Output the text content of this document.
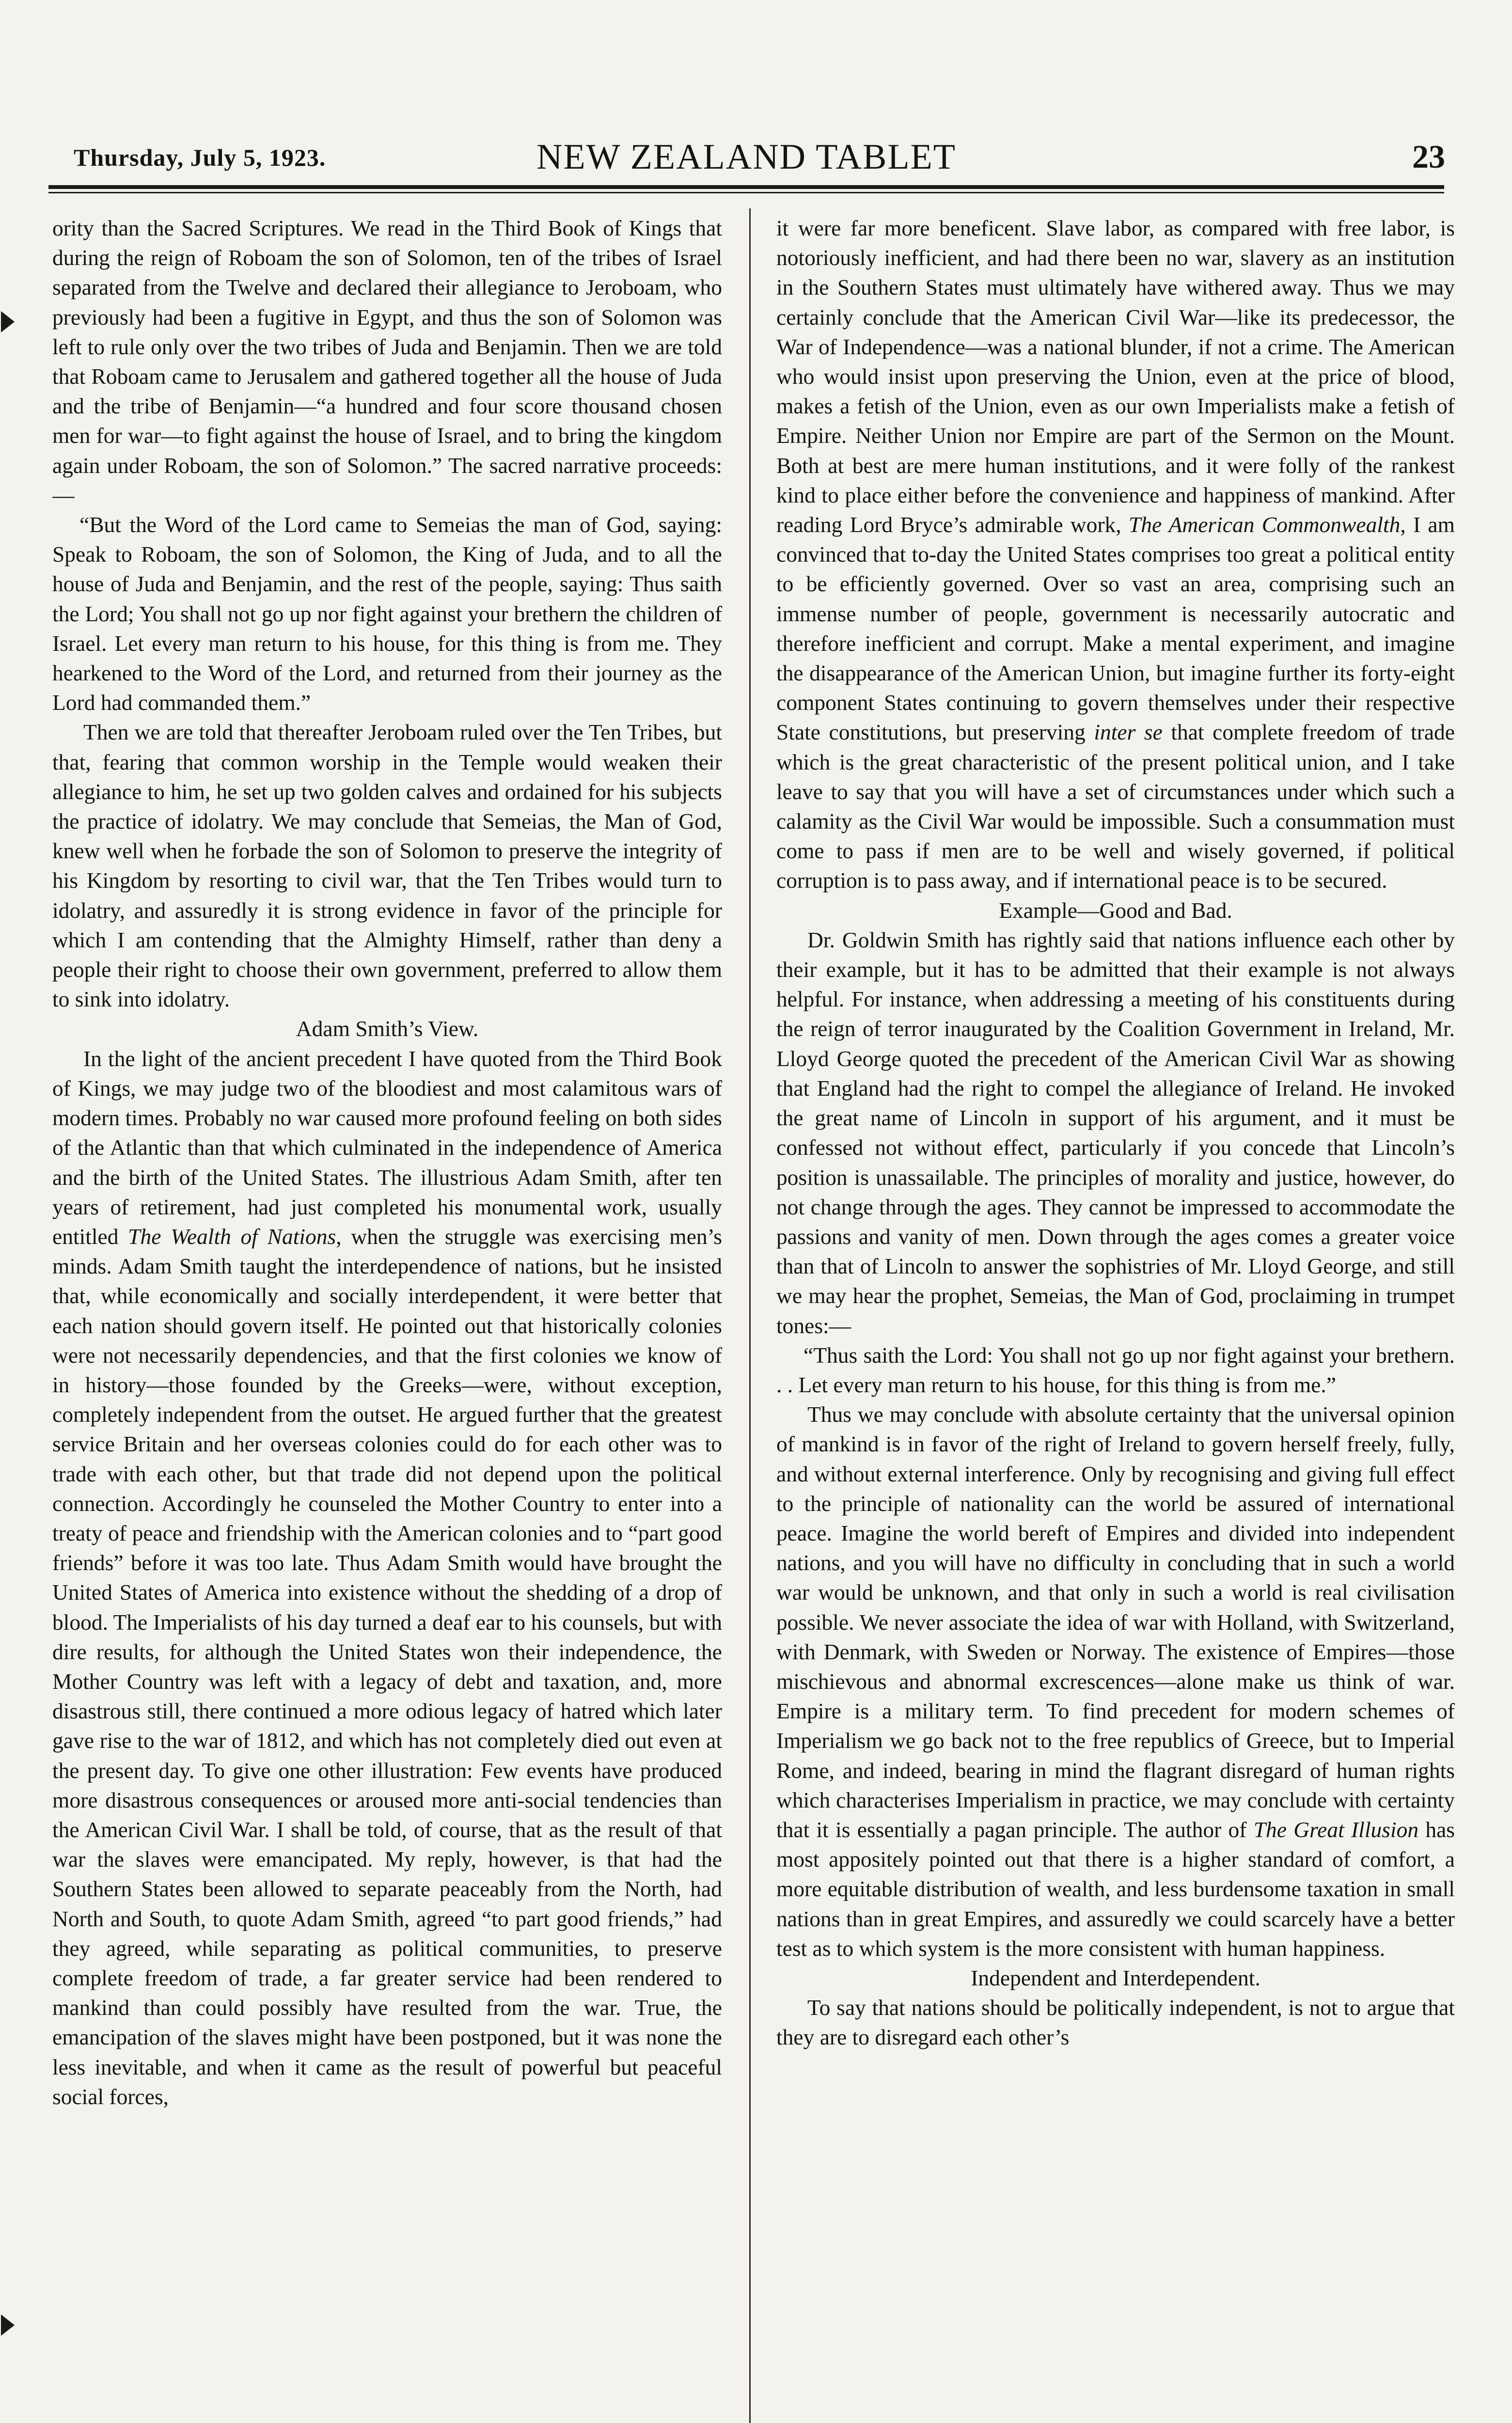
Thursday, July 5, 1923.	NEW ZEALAND TABLET	23

ority than the Sacred Scriptures. We read in the Third Book of Kings that during the reign of Roboam the son of Solomon, ten of the tribes of Israel separated from the Twelve and declared their allegiance to Jeroboam, who previously had been a fugitive in Egypt, and thus the son of Solomon was left to rule only over the two tribes of Juda and Benjamin. Then we are told that Roboam came to Jerusalem and gathered together all the house of Juda and the tribe of Benjamin—“a hundred and four score thousand chosen men for war—to fight against the house of Israel, and to bring the kingdom again under Roboam, the son of Solomon.” The sacred narrative proceeds:—

“But the Word of the Lord came to Semeias the man of God, saying: Speak to Roboam, the son of Solomon, the King of Juda, and to all the house of Juda and Benjamin, and the rest of the people, saying: Thus saith the Lord; You shall not go up nor fight against your brethern the children of Israel. Let every man return to his house, for this thing is from me. They hearkened to the Word of the Lord, and returned from their journey as the Lord had commanded them.”

Then we are told that thereafter Jeroboam ruled over the Ten Tribes, but that, fearing that common worship in the Temple would weaken their allegiance to him, he set up two golden calves and ordained for his subjects the practice of idolatry. We may conclude that Semeias, the Man of God, knew well when he forbade the son of Solomon to preserve the integrity of his Kingdom by resorting to civil war, that the Ten Tribes would turn to idolatry, and assuredly it is strong evidence in favor of the principle for which I am contending that the Almighty Himself, rather than deny a people their right to choose their own government, preferred to allow them to sink into idolatry.

Adam Smith’s View.

In the light of the ancient precedent I have quoted from the Third Book of Kings, we may judge two of the bloodiest and most calamitous wars of modern times. Probably no war caused more profound feeling on both sides of the Atlantic than that which culminated in the independence of America and the birth of the United States. The illustrious Adam Smith, after ten years of retirement, had just completed his monumental work, usually entitled The Wealth of Nations, when the struggle was exercising men’s minds. Adam Smith taught the interdependence of nations, but he insisted that, while economically and socially interdependent, it were better that each nation should govern itself. He pointed out that historically colonies were not necessarily dependencies, and that the first colonies we know of in history—those founded by the Greeks—were, without exception, completely independent from the outset. He argued further that the greatest service Britain and her overseas colonies could do for each other was to trade with each other, but that trade did not depend upon the political connection. Accordingly he counseled the Mother Country to enter into a treaty of peace and friendship with the American colonies and to “part good friends” before it was too late. Thus Adam Smith would have brought the United States of America into existence without the shedding of a drop of blood. The Imperialists of his day turned a deaf ear to his counsels, but with dire results, for although the United States won their independence, the Mother Country was left with a legacy of debt and taxation, and, more disastrous still, there continued a more odious legacy of hatred which later gave rise to the war of 1812, and which has not completely died out even at the present day. To give one other illustration: Few events have produced more disastrous consequences or aroused more anti-social tendencies than the American Civil War. I shall be told, of course, that as the result of that war the slaves were emancipated. My reply, however, is that had the Southern States been allowed to separate peaceably from the North, had North and South, to quote Adam Smith, agreed “to part good friends,” had they agreed, while separating as political communities, to preserve complete freedom of trade, a far greater service had been rendered to mankind than could possibly have resulted from the war. True, the emancipation of the slaves might have been postponed, but it was none the less inevitable, and when it came as the result of powerful but peaceful social forces,

it were far more beneficent. Slave labor, as compared with free labor, is notoriously inefficient, and had there been no war, slavery as an institution in the Southern States must ultimately have withered away. Thus we may certainly conclude that the American Civil War—like its predecessor, the War of Independence—was a national blunder, if not a crime. The American who would insist upon preserving the Union, even at the price of blood, makes a fetish of the Union, even as our own Imperialists make a fetish of Empire. Neither Union nor Empire are part of the Sermon on the Mount. Both at best are mere human institutions, and it were folly of the rankest kind to place either before the convenience and happiness of mankind. After reading Lord Bryce’s admirable work, The American Commonwealth, I am convinced that to-day the United States comprises too great a political entity to be efficiently governed. Over so vast an area, comprising such an immense number of people, government is necessarily autocratic and therefore inefficient and corrupt. Make a mental experiment, and imagine the disappearance of the American Union, but imagine further its forty-eight component States continuing to govern themselves under their respective State constitutions, but preserving inter se that complete freedom of trade which is the great characteristic of the present political union, and I take leave to say that you will have a set of circumstances under which such a calamity as the Civil War would be impossible. Such a consummation must come to pass if men are to be well and wisely governed, if political corruption is to pass away, and if international peace is to be secured.

Example—Good and Bad.

Dr. Goldwin Smith has rightly said that nations influence each other by their example, but it has to be admitted that their example is not always helpful. For instance, when addressing a meeting of his constituents during the reign of terror inaugurated by the Coalition Government in Ireland, Mr. Lloyd George quoted the precedent of the American Civil War as showing that England had the right to compel the allegiance of Ireland. He invoked the great name of Lincoln in support of his argument, and it must be confessed not without effect, particularly if you concede that Lincoln’s position is unassailable. The principles of morality and justice, however, do not change through the ages. They cannot be impressed to accommodate the passions and vanity of men. Down through the ages comes a greater voice than that of Lincoln to answer the sophistries of Mr. Lloyd George, and still we may hear the prophet, Semeias, the Man of God, proclaiming in trumpet tones:—

“Thus saith the Lord: You shall not go up nor fight against your brethern. . . Let every man return to his house, for this thing is from me.”

Thus we may conclude with absolute certainty that the universal opinion of mankind is in favor of the right of Ireland to govern herself freely, fully, and without external interference. Only by recognising and giving full effect to the principle of nationality can the world be assured of international peace. Imagine the world bereft of Empires and divided into independent nations, and you will have no difficulty in concluding that in such a world war would be unknown, and that only in such a world is real civilisation possible. We never associate the idea of war with Holland, with Switzerland, with Denmark, with Sweden or Norway. The existence of Empires—those mischievous and abnormal excrescences—alone make us think of war. Empire is a military term. To find precedent for modern schemes of Imperialism we go back not to the free republics of Greece, but to Imperial Rome, and indeed, bearing in mind the flagrant disregard of human rights which characterises Imperialism in practice, we may conclude with certainty that it is essentially a pagan principle. The author of The Great Illusion has most appositely pointed out that there is a higher standard of comfort, a more equitable distribution of wealth, and less burdensome taxation in small nations than in great Empires, and assuredly we could scarcely have a better test as to which system is the more consistent with human happiness.

Independent and Interdependent.

To say that nations should be politically independent, is not to argue that they are to disregard each other’s
